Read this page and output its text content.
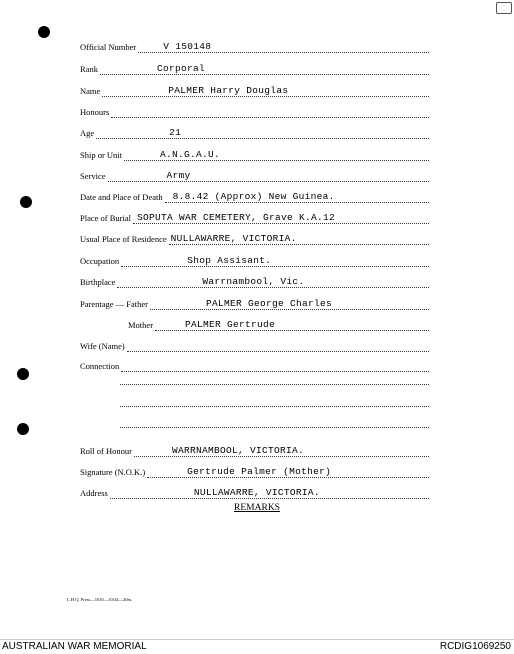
Official Number	V 150148
Rank	Corporal
Name	PALMER Harry Douglas
Honours
Age	21
Ship or Unit	A.N.G.A.U.
Service	Army
Date and Place of Death 8.8.42 (Approx) New Guinea.
Place of Burial SOPUTA WAR CEMETERY, Grave K.A.12
Usual Place of Residence NULLAWARRE, VICTORIA.
Occupation	Shop Assisant.
Birthplace	Warrnambool, Vic.
Parentage — Father	PALMER George Charles
Mother	PALMER Gertrude
Wife (Name)
Connection
Roll of Honour	WARRNAMBOOL, VICTORIA.
Signature (N.O.K.)	Gertrude Palmer (Mother)
Address	NULLAWARRE, VICTORIA.
REMARKS
L.H.Q. Press—1635—10/44—20m.
AUSTRALIAN WAR MEMORIAL	RCDIG1069250
